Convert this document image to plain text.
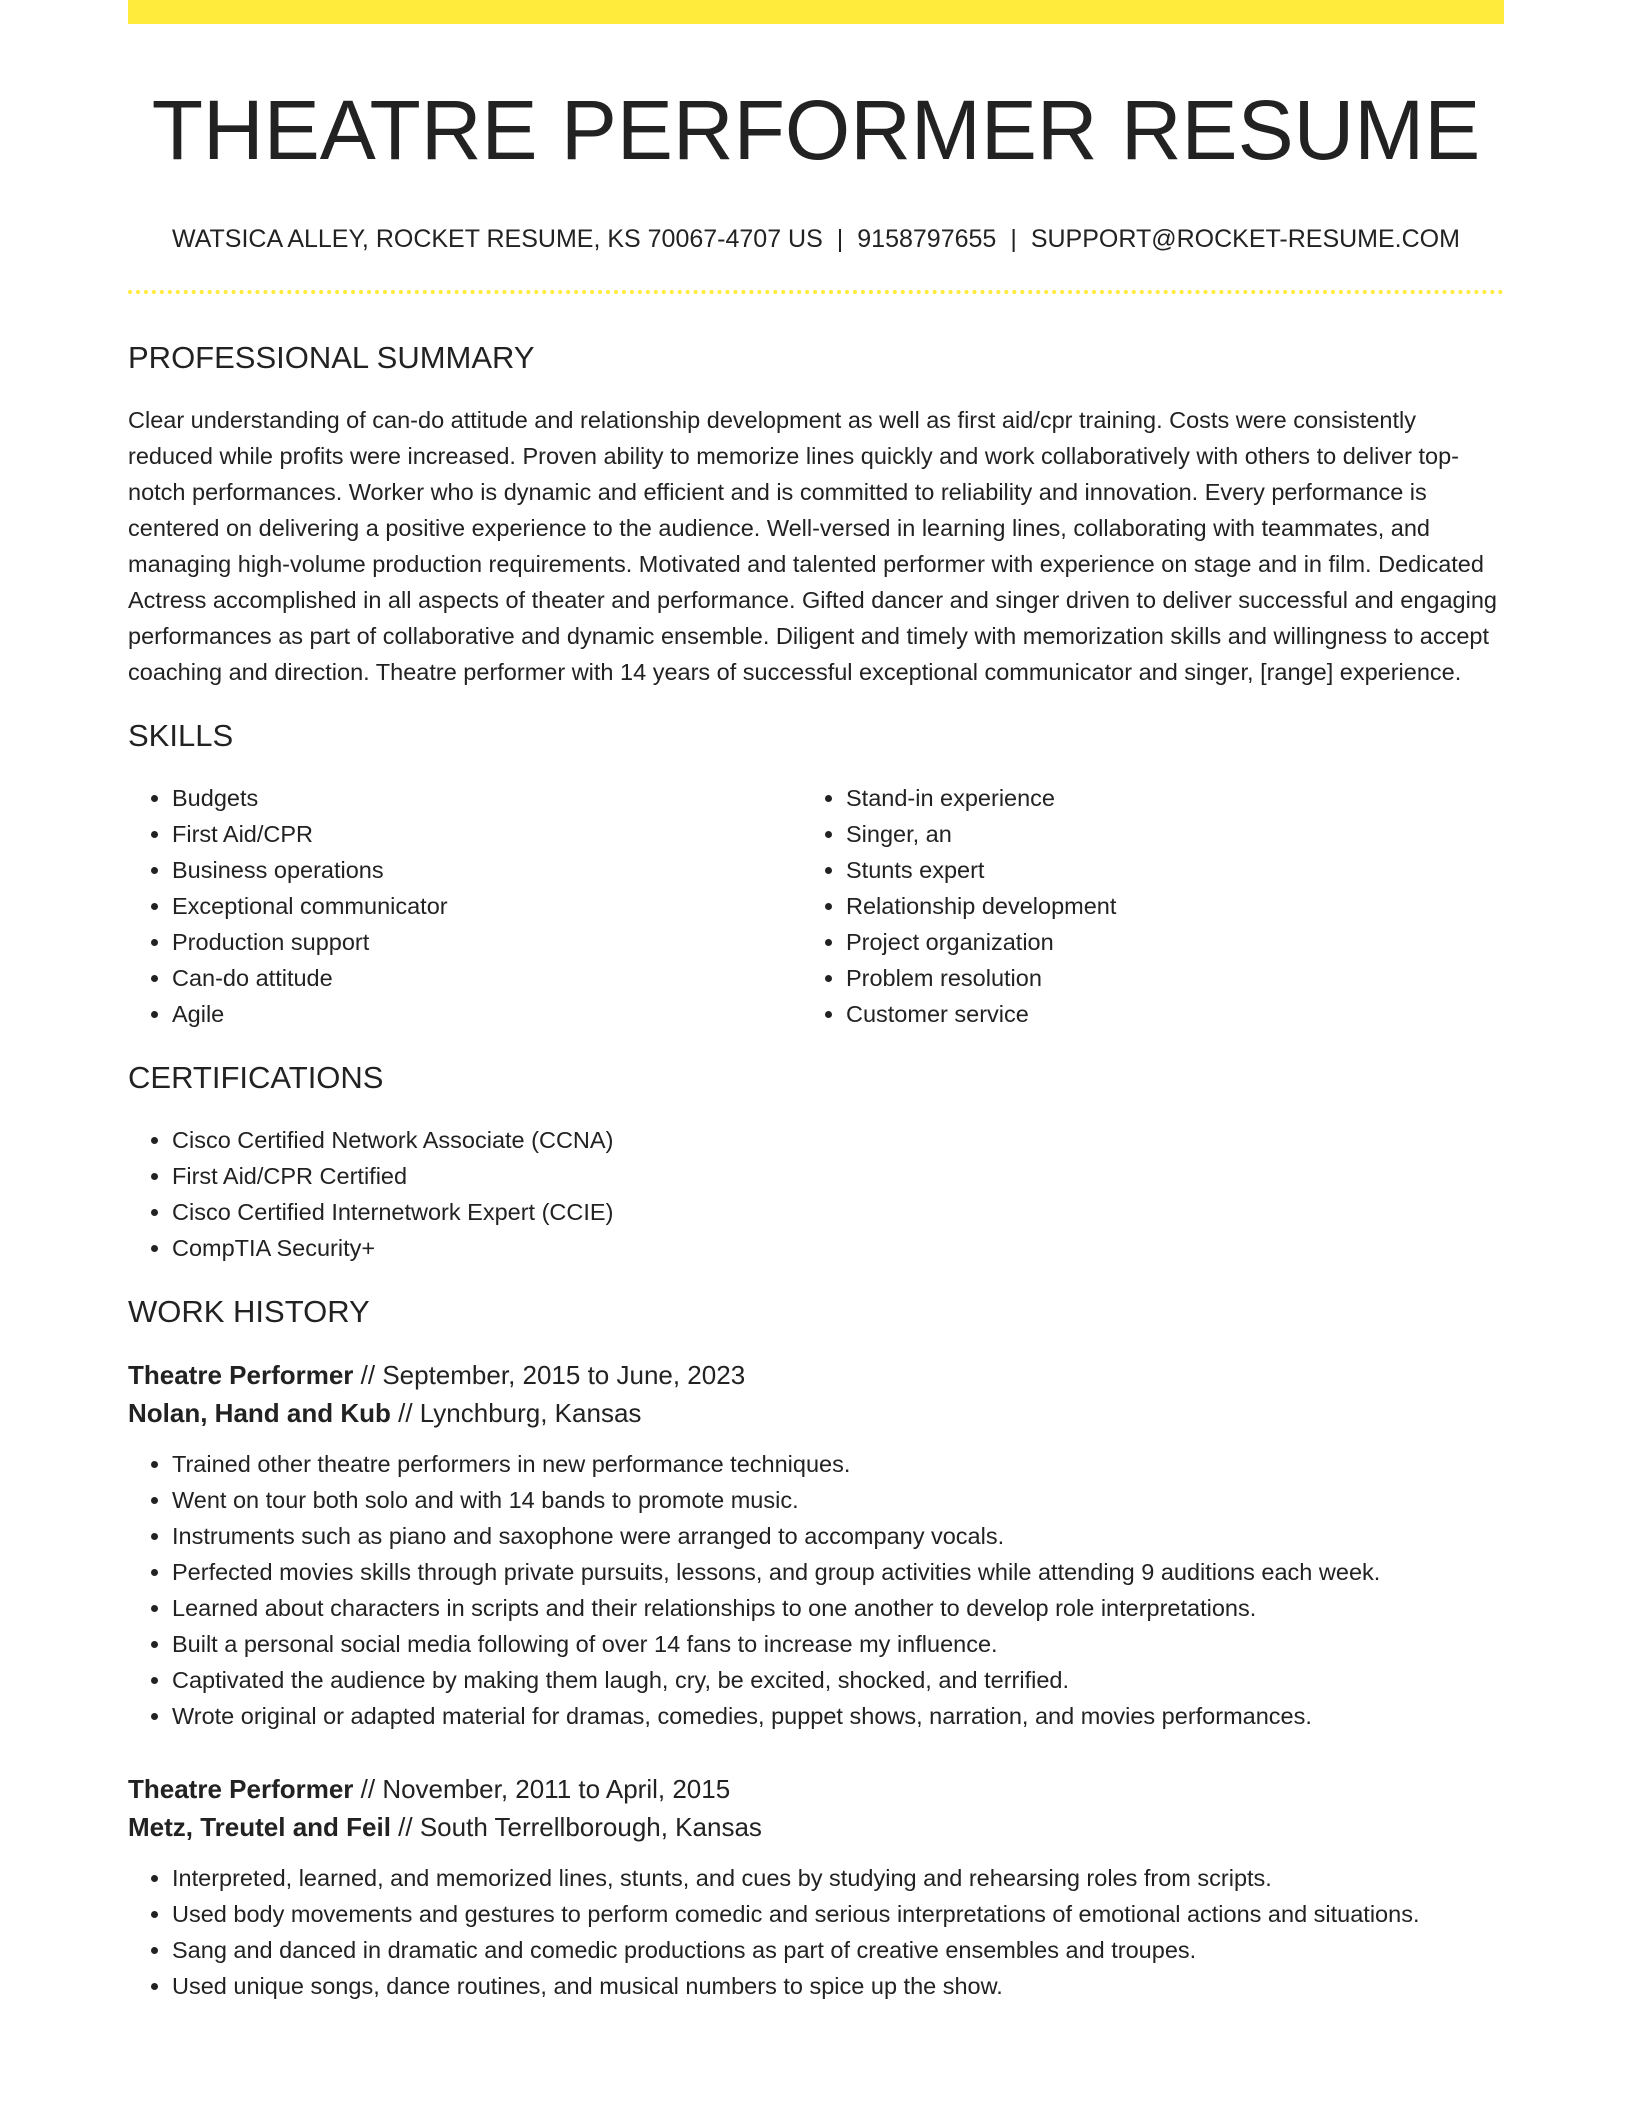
THEATRE PERFORMER RESUME
WATSICA ALLEY, ROCKET RESUME, KS 70067-4707 US | 9158797655 | SUPPORT@ROCKET-RESUME.COM
PROFESSIONAL SUMMARY
Clear understanding of can-do attitude and relationship development as well as first aid/cpr training. Costs were consistently reduced while profits were increased. Proven ability to memorize lines quickly and work collaboratively with others to deliver top-notch performances. Worker who is dynamic and efficient and is committed to reliability and innovation. Every performance is centered on delivering a positive experience to the audience. Well-versed in learning lines, collaborating with teammates, and managing high-volume production requirements. Motivated and talented performer with experience on stage and in film. Dedicated Actress accomplished in all aspects of theater and performance. Gifted dancer and singer driven to deliver successful and engaging performances as part of collaborative and dynamic ensemble. Diligent and timely with memorization skills and willingness to accept coaching and direction. Theatre performer with 14 years of successful exceptional communicator and singer, [range] experience.
SKILLS
• Budgets
• First Aid/CPR
• Business operations
• Exceptional communicator
• Production support
• Can-do attitude
• Agile
• Stand-in experience
• Singer, an
• Stunts expert
• Relationship development
• Project organization
• Problem resolution
• Customer service
CERTIFICATIONS
• Cisco Certified Network Associate (CCNA)
• First Aid/CPR Certified
• Cisco Certified Internetwork Expert (CCIE)
• CompTIA Security+
WORK HISTORY
Theatre Performer // September, 2015 to June, 2023
Nolan, Hand and Kub // Lynchburg, Kansas
• Trained other theatre performers in new performance techniques.
• Went on tour both solo and with 14 bands to promote music.
• Instruments such as piano and saxophone were arranged to accompany vocals.
• Perfected movies skills through private pursuits, lessons, and group activities while attending 9 auditions each week.
• Learned about characters in scripts and their relationships to one another to develop role interpretations.
• Built a personal social media following of over 14 fans to increase my influence.
• Captivated the audience by making them laugh, cry, be excited, shocked, and terrified.
• Wrote original or adapted material for dramas, comedies, puppet shows, narration, and movies performances.
Theatre Performer // November, 2011 to April, 2015
Metz, Treutel and Feil // South Terrellborough, Kansas
• Interpreted, learned, and memorized lines, stunts, and cues by studying and rehearsing roles from scripts.
• Used body movements and gestures to perform comedic and serious interpretations of emotional actions and situations.
• Sang and danced in dramatic and comedic productions as part of creative ensembles and troupes.
• Used unique songs, dance routines, and musical numbers to spice up the show.
